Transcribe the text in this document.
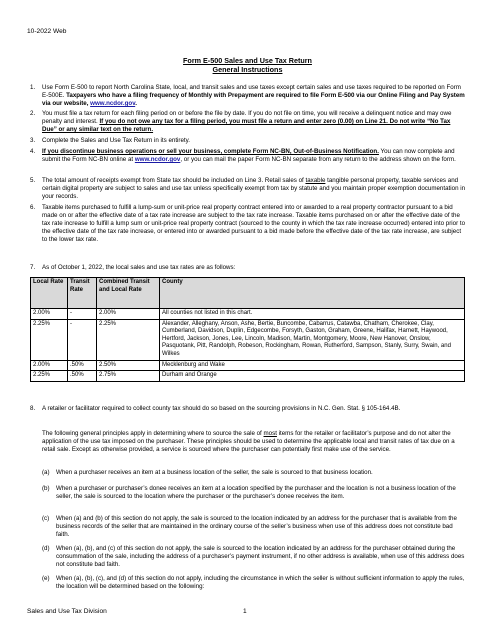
10-2022 Web
Form E-500 Sales and Use Tax Return
General Instructions
1. Use Form E-500 to report North Carolina State, local, and transit sales and use taxes except certain sales and use taxes required to be reported on Form E-500E. Taxpayers who have a filing frequency of Monthly with Prepayment are required to file Form E-500 via our Online Filing and Pay System via our website, www.ncdor.gov.
2. You must file a tax return for each filing period on or before the file by date. If you do not file on time, you will receive a delinquent notice and may owe penalty and interest. If you do not owe any tax for a filing period, you must file a return and enter zero (0.00) on Line 21. Do not write “No Tax Due” or any similar text on the return.
3. Complete the Sales and Use Tax Return in its entirety.
4. If you discontinue business operations or sell your business, complete Form NC-BN, Out-of-Business Notification. You can now complete and submit the Form NC-BN online at www.ncdor.gov, or you can mail the paper Form NC-BN separate from any return to the address shown on the form.
5. The total amount of receipts exempt from State tax should be included on Line 3. Retail sales of taxable tangible personal property, taxable services and certain digital property are subject to sales and use tax unless specifically exempt from tax by statute and you maintain proper exemption documentation in your records.
6. Taxable items purchased to fulfill a lump-sum or unit-price real property contract entered into or awarded to a real property contractor pursuant to a bid made on or after the effective date of a tax rate increase are subject to the tax rate increase. Taxable items purchased on or after the effective date of the tax rate increase to fulfill a lump sum or unit-price real property contract (sourced to the county in which the tax rate increase occurred) entered into prior to the effective date of the tax rate increase, or entered into or awarded pursuant to a bid made before the effective date of the tax rate increase, are subject to the lower tax rate.
7. As of October 1, 2022, the local sales and use tax rates are as follows:
Local Rate	Transit Rate	Combined Transit and Local Rate	County
2.00%	-	2.00%	All counties not listed in this chart.
2.25%	-	2.25%	Alexander, Alleghany, Anson, Ashe, Bertie, Buncombe, Cabarrus, Catawba, Chatham, Cherokee, Clay, Cumberland, Davidson, Duplin, Edgecombe, Forsyth, Gaston, Graham, Greene, Halifax, Harnett, Haywood, Hertford, Jackson, Jones, Lee, Lincoln, Madison, Martin, Montgomery, Moore, New Hanover, Onslow, Pasquotank, Pitt, Randolph, Robeson, Rockingham, Rowan, Rutherford, Sampson, Stanly, Surry, Swain, and Wilkes
2.00%	.50%	2.50%	Mecklenburg and Wake
2.25%	.50%	2.75%	Durham and Orange
8. A retailer or facilitator required to collect county tax should do so based on the sourcing provisions in N.C. Gen. Stat. § 105-164.4B.
The following general principles apply in determining where to source the sale of most items for the retailer or facilitator’s purpose and do not alter the application of the use tax imposed on the purchaser. These principles should be used to determine the applicable local and transit rates of tax due on a retail sale. Except as otherwise provided, a service is sourced where the purchaser can potentially first make use of the service.
(a) When a purchaser receives an item at a business location of the seller, the sale is sourced to that business location.
(b) When a purchaser or purchaser’s donee receives an item at a location specified by the purchaser and the location is not a business location of the seller, the sale is sourced to the location where the purchaser or the purchaser’s donee receives the item.
(c) When (a) and (b) of this section do not apply, the sale is sourced to the location indicated by an address for the purchaser that is available from the business records of the seller that are maintained in the ordinary course of the seller’s business when use of this address does not constitute bad faith.
(d) When (a), (b), and (c) of this section do not apply, the sale is sourced to the location indicated by an address for the purchaser obtained during the consummation of the sale, including the address of a purchaser’s payment instrument, if no other address is available, when use of this address does not constitute bad faith.
(e) When (a), (b), (c), and (d) of this section do not apply, including the circumstance in which the seller is without sufficient information to apply the rules, the location will be determined based on the following:
Sales and Use Tax Division	1
